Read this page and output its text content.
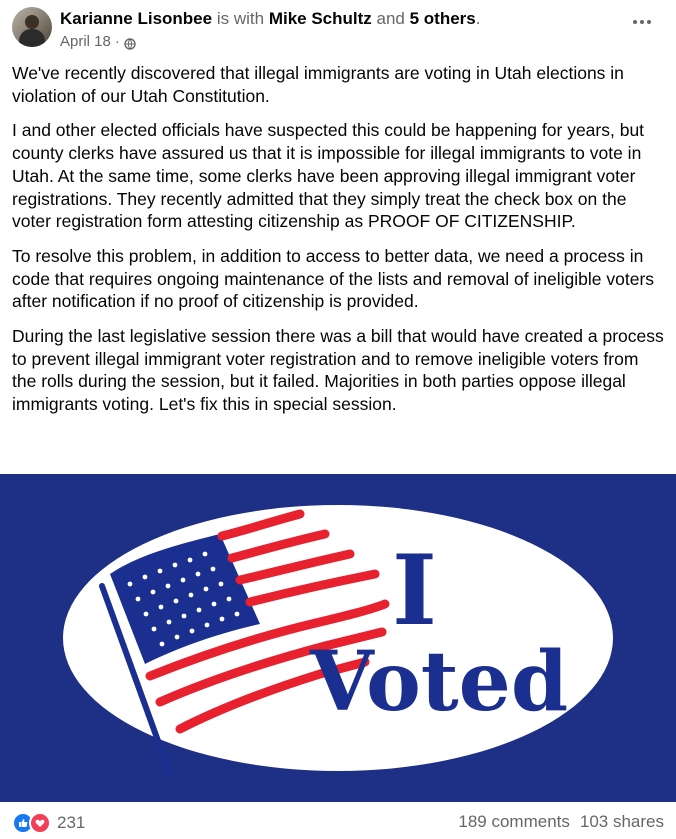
Karianne Lisonbee is with Mike Schultz and 5 others.
April 18 ·

We've recently discovered that illegal immigrants are voting in Utah elections in violation of our Utah Constitution.

I and other elected officials have suspected this could be happening for years, but county clerks have assured us that it is impossible for illegal immigrants to vote in Utah. At the same time, some clerks have been approving illegal immigrant voter registrations. They recently admitted that they simply treat the check box on the voter registration form attesting citizenship as PROOF OF CITIZENSHIP.

To resolve this problem, in addition to access to better data, we need a process in code that requires ongoing maintenance of the lists and removal of ineligible voters after notification if no proof of citizenship is provided.

During the last legislative session there was a bill that would have created a process to prevent illegal immigrant voter registration and to remove ineligible voters from the rolls during the session, but it failed. Majorities in both parties oppose illegal immigrants voting. Let's fix this in special session.

I
Voted
231	189 comments 103 shares
